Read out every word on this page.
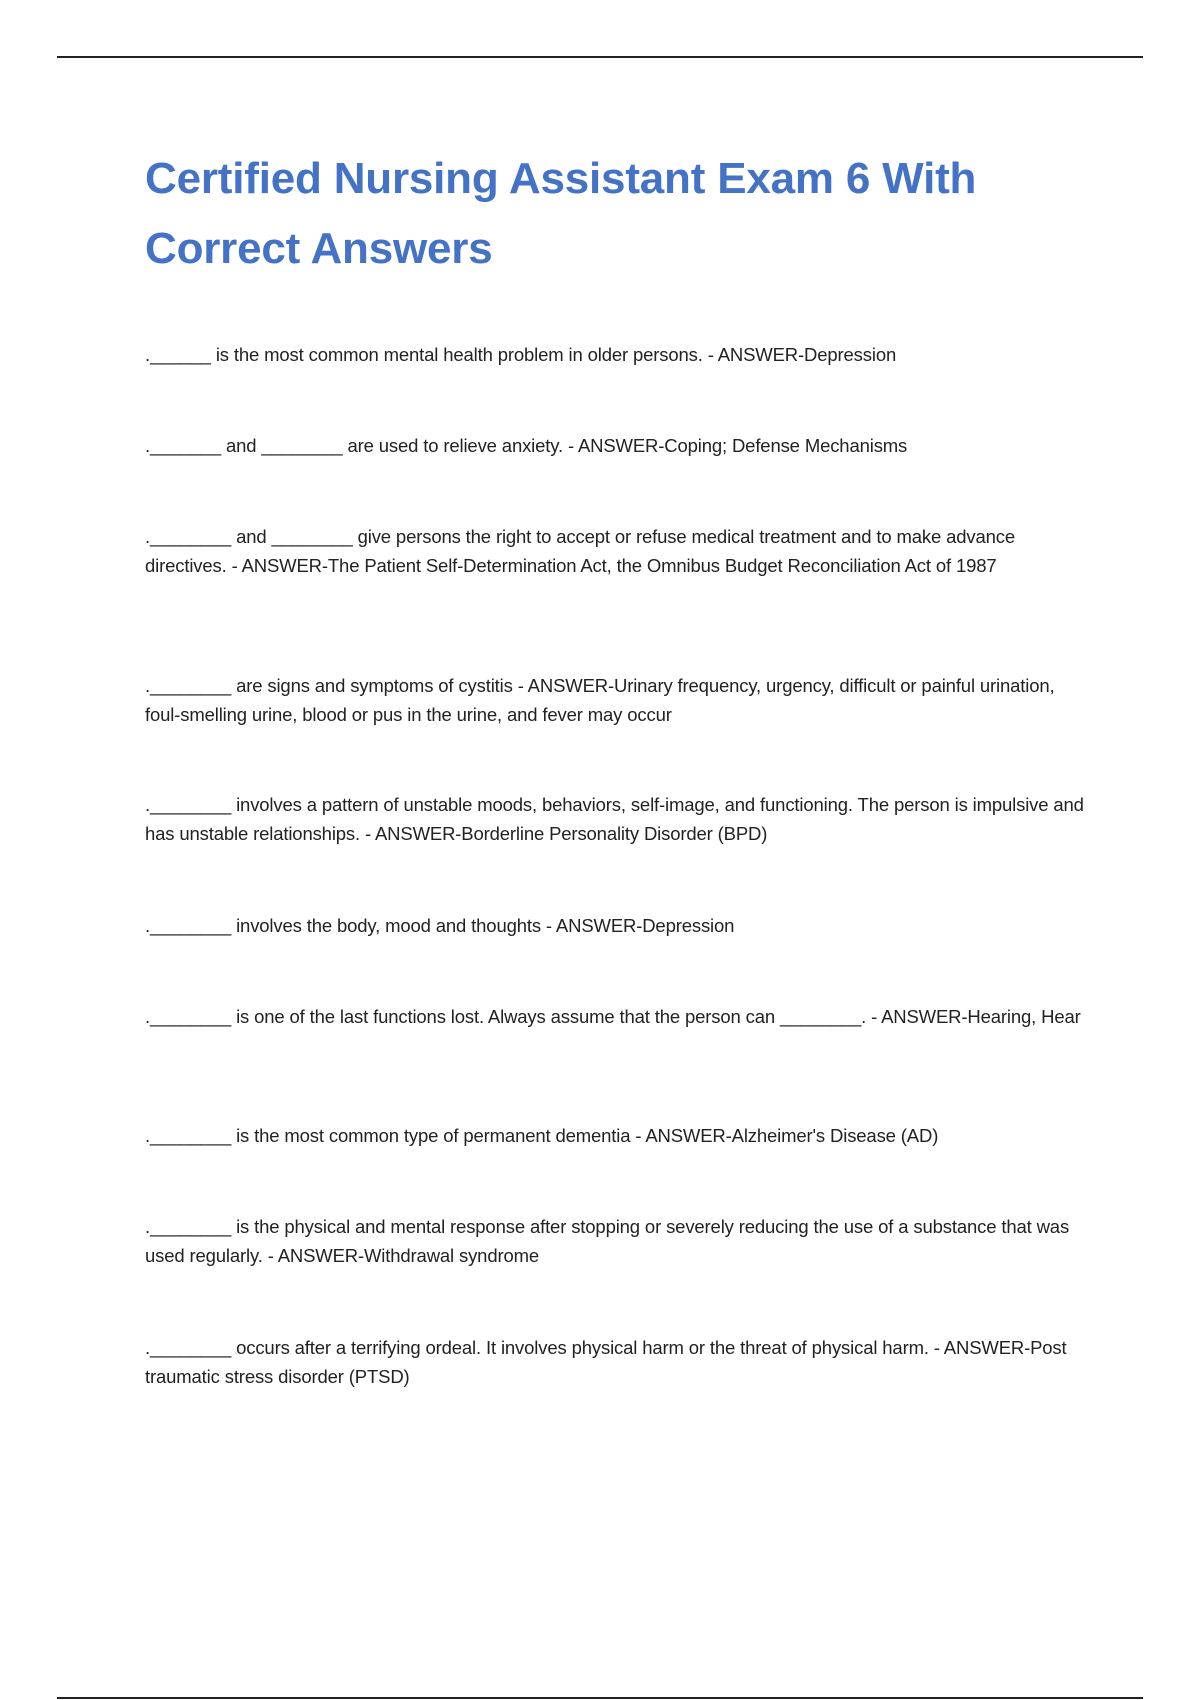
Certified Nursing Assistant Exam 6 With Correct Answers
.______ is the most common mental health problem in older persons. - ANSWER-Depression
._______ and ________ are used to relieve anxiety. - ANSWER-Coping; Defense Mechanisms
.________ and ________ give persons the right to accept or refuse medical treatment and to make advance directives. - ANSWER-The Patient Self-Determination Act, the Omnibus Budget Reconciliation Act of 1987
.________ are signs and symptoms of cystitis - ANSWER-Urinary frequency, urgency, difficult or painful urination, foul-smelling urine, blood or pus in the urine, and fever may occur
.________ involves a pattern of unstable moods, behaviors, self-image, and functioning. The person is impulsive and has unstable relationships. - ANSWER-Borderline Personality Disorder (BPD)
.________ involves the body, mood and thoughts - ANSWER-Depression
.________ is one of the last functions lost. Always assume that the person can ________. - ANSWER-Hearing, Hear
.________ is the most common type of permanent dementia - ANSWER-Alzheimer's Disease (AD)
.________ is the physical and mental response after stopping or severely reducing the use of a substance that was used regularly. - ANSWER-Withdrawal syndrome
.________ occurs after a terrifying ordeal. It involves physical harm or the threat of physical harm. - ANSWER-Post traumatic stress disorder (PTSD)
